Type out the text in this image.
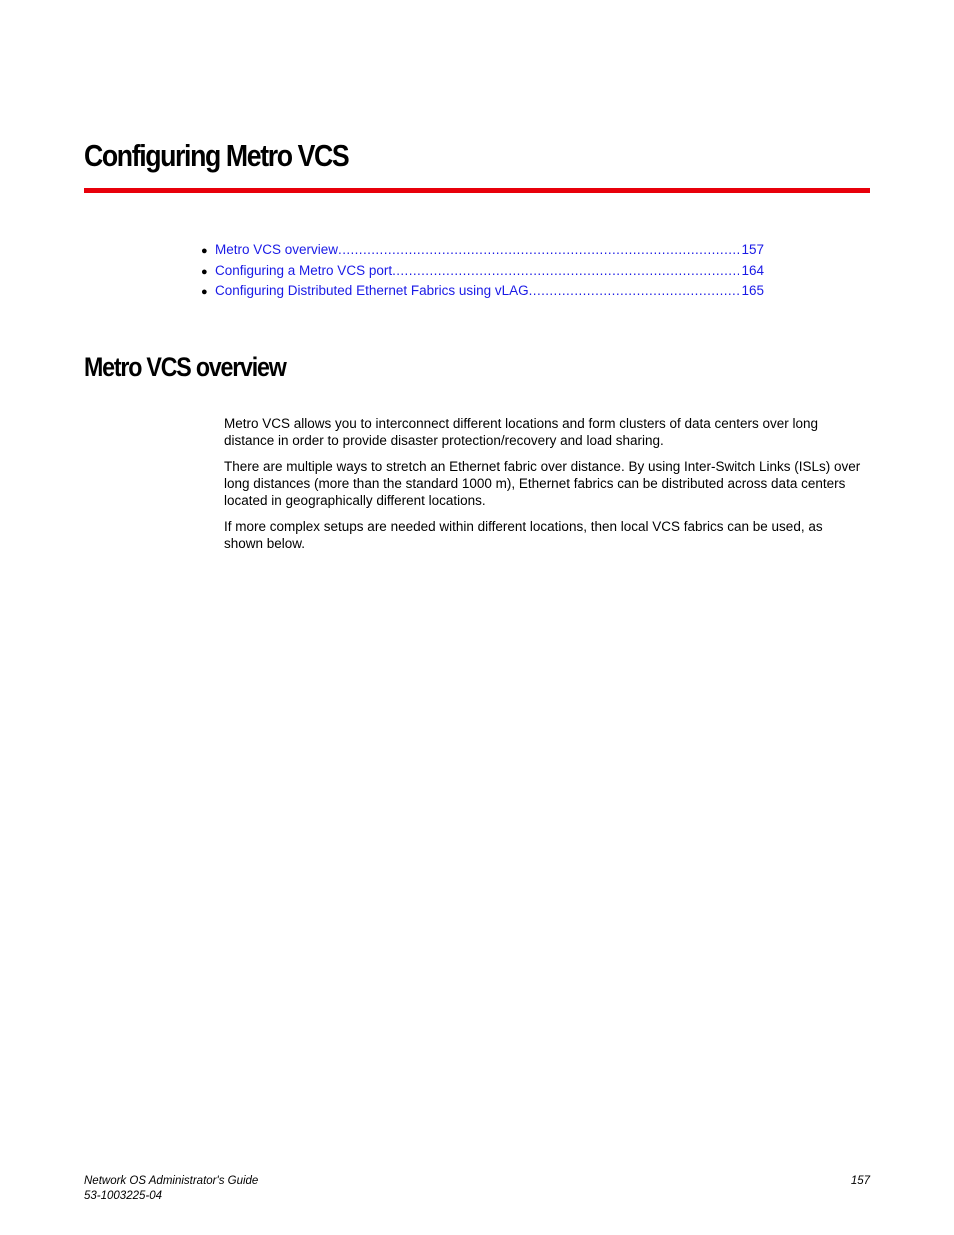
Configuring Metro VCS
● Metro VCS overview .....	157
● Configuring a Metro VCS port .....	164
● Configuring Distributed Ethernet Fabrics using vLAG .....	165
Metro VCS overview

Metro VCS allows you to interconnect different locations and form clusters of data centers over long distance in order to provide disaster protection/recovery and load sharing.

There are multiple ways to stretch an Ethernet fabric over distance. By using Inter-Switch Links (ISLs) over long distances (more than the standard 1000 m), Ethernet fabrics can be distributed across data centers located in geographically different locations.

If more complex setups are needed within different locations, then local VCS fabrics can be used, as shown below.

Network OS Administrator's Guide
53-1003225-04
157
